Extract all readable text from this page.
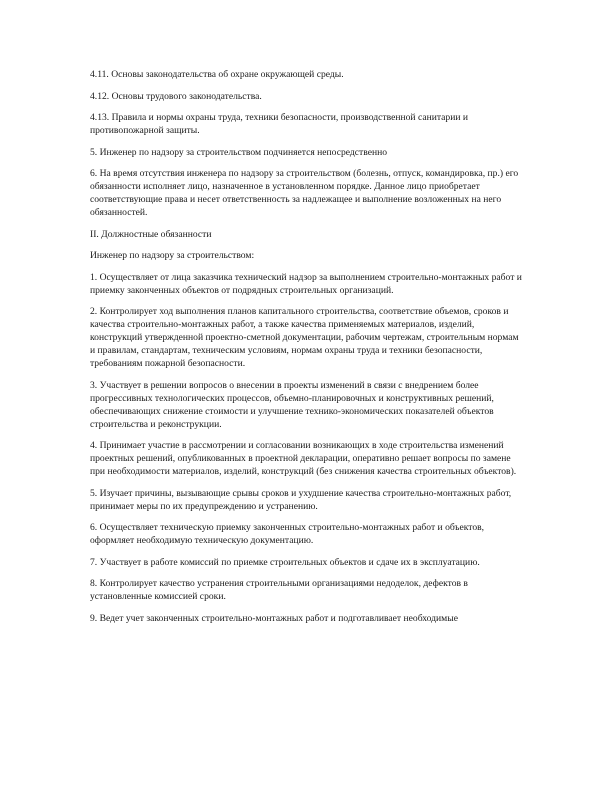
4.11. Основы законодательства об охране окружающей среды.

4.12. Основы трудового законодательства.

4.13. Правила и нормы охраны труда, техники безопасности, производственной санитарии и противопожарной защиты.

5. Инженер по надзору за строительством подчиняется непосредственно

6. На время отсутствия инженера по надзору за строительством (болезнь, отпуск, командировка, пр.) его обязанности исполняет лицо, назначенное в установленном порядке. Данное лицо приобретает соответствующие права и несет ответственность за надлежащее и выполнение возложенных на него обязанностей.

II. Должностные обязанности

Инженер по надзору за строительством:

1. Осуществляет от лица заказчика технический надзор за выполнением строительно-монтажных работ и приемку законченных объектов от подрядных строительных организаций.

2. Контролирует ход выполнения планов капитального строительства, соответствие объемов, сроков и качества строительно-монтажных работ, а также качества применяемых материалов, изделий, конструкций утвержденной проектно-сметной документации, рабочим чертежам, строительным нормам и правилам, стандартам, техническим условиям, нормам охраны труда и техники безопасности, требованиям пожарной безопасности.

3. Участвует в решении вопросов о внесении в проекты изменений в связи с внедрением более прогрессивных технологических процессов, объемно-планировочных и конструктивных решений, обеспечивающих снижение стоимости и улучшение технико-экономических показателей объектов строительства и реконструкции.

4. Принимает участие в рассмотрении и согласовании возникающих в ходе строительства изменений проектных решений, опубликованных в проектной декларации, оперативно решает вопросы по замене при необходимости материалов, изделий, конструкций (без снижения качества строительных объектов).

5. Изучает причины, вызывающие срывы сроков и ухудшение качества строительно-монтажных работ, принимает меры по их предупреждению и устранению.

6. Осуществляет техническую приемку законченных строительно-монтажных работ и объектов, оформляет необходимую техническую документацию.

7. Участвует в работе комиссий по приемке строительных объектов и сдаче их в эксплуатацию.

8. Контролирует качество устранения строительными организациями недоделок, дефектов в установленные комиссией сроки.

9. Ведет учет законченных строительно-монтажных работ и подготавливает необходимые
